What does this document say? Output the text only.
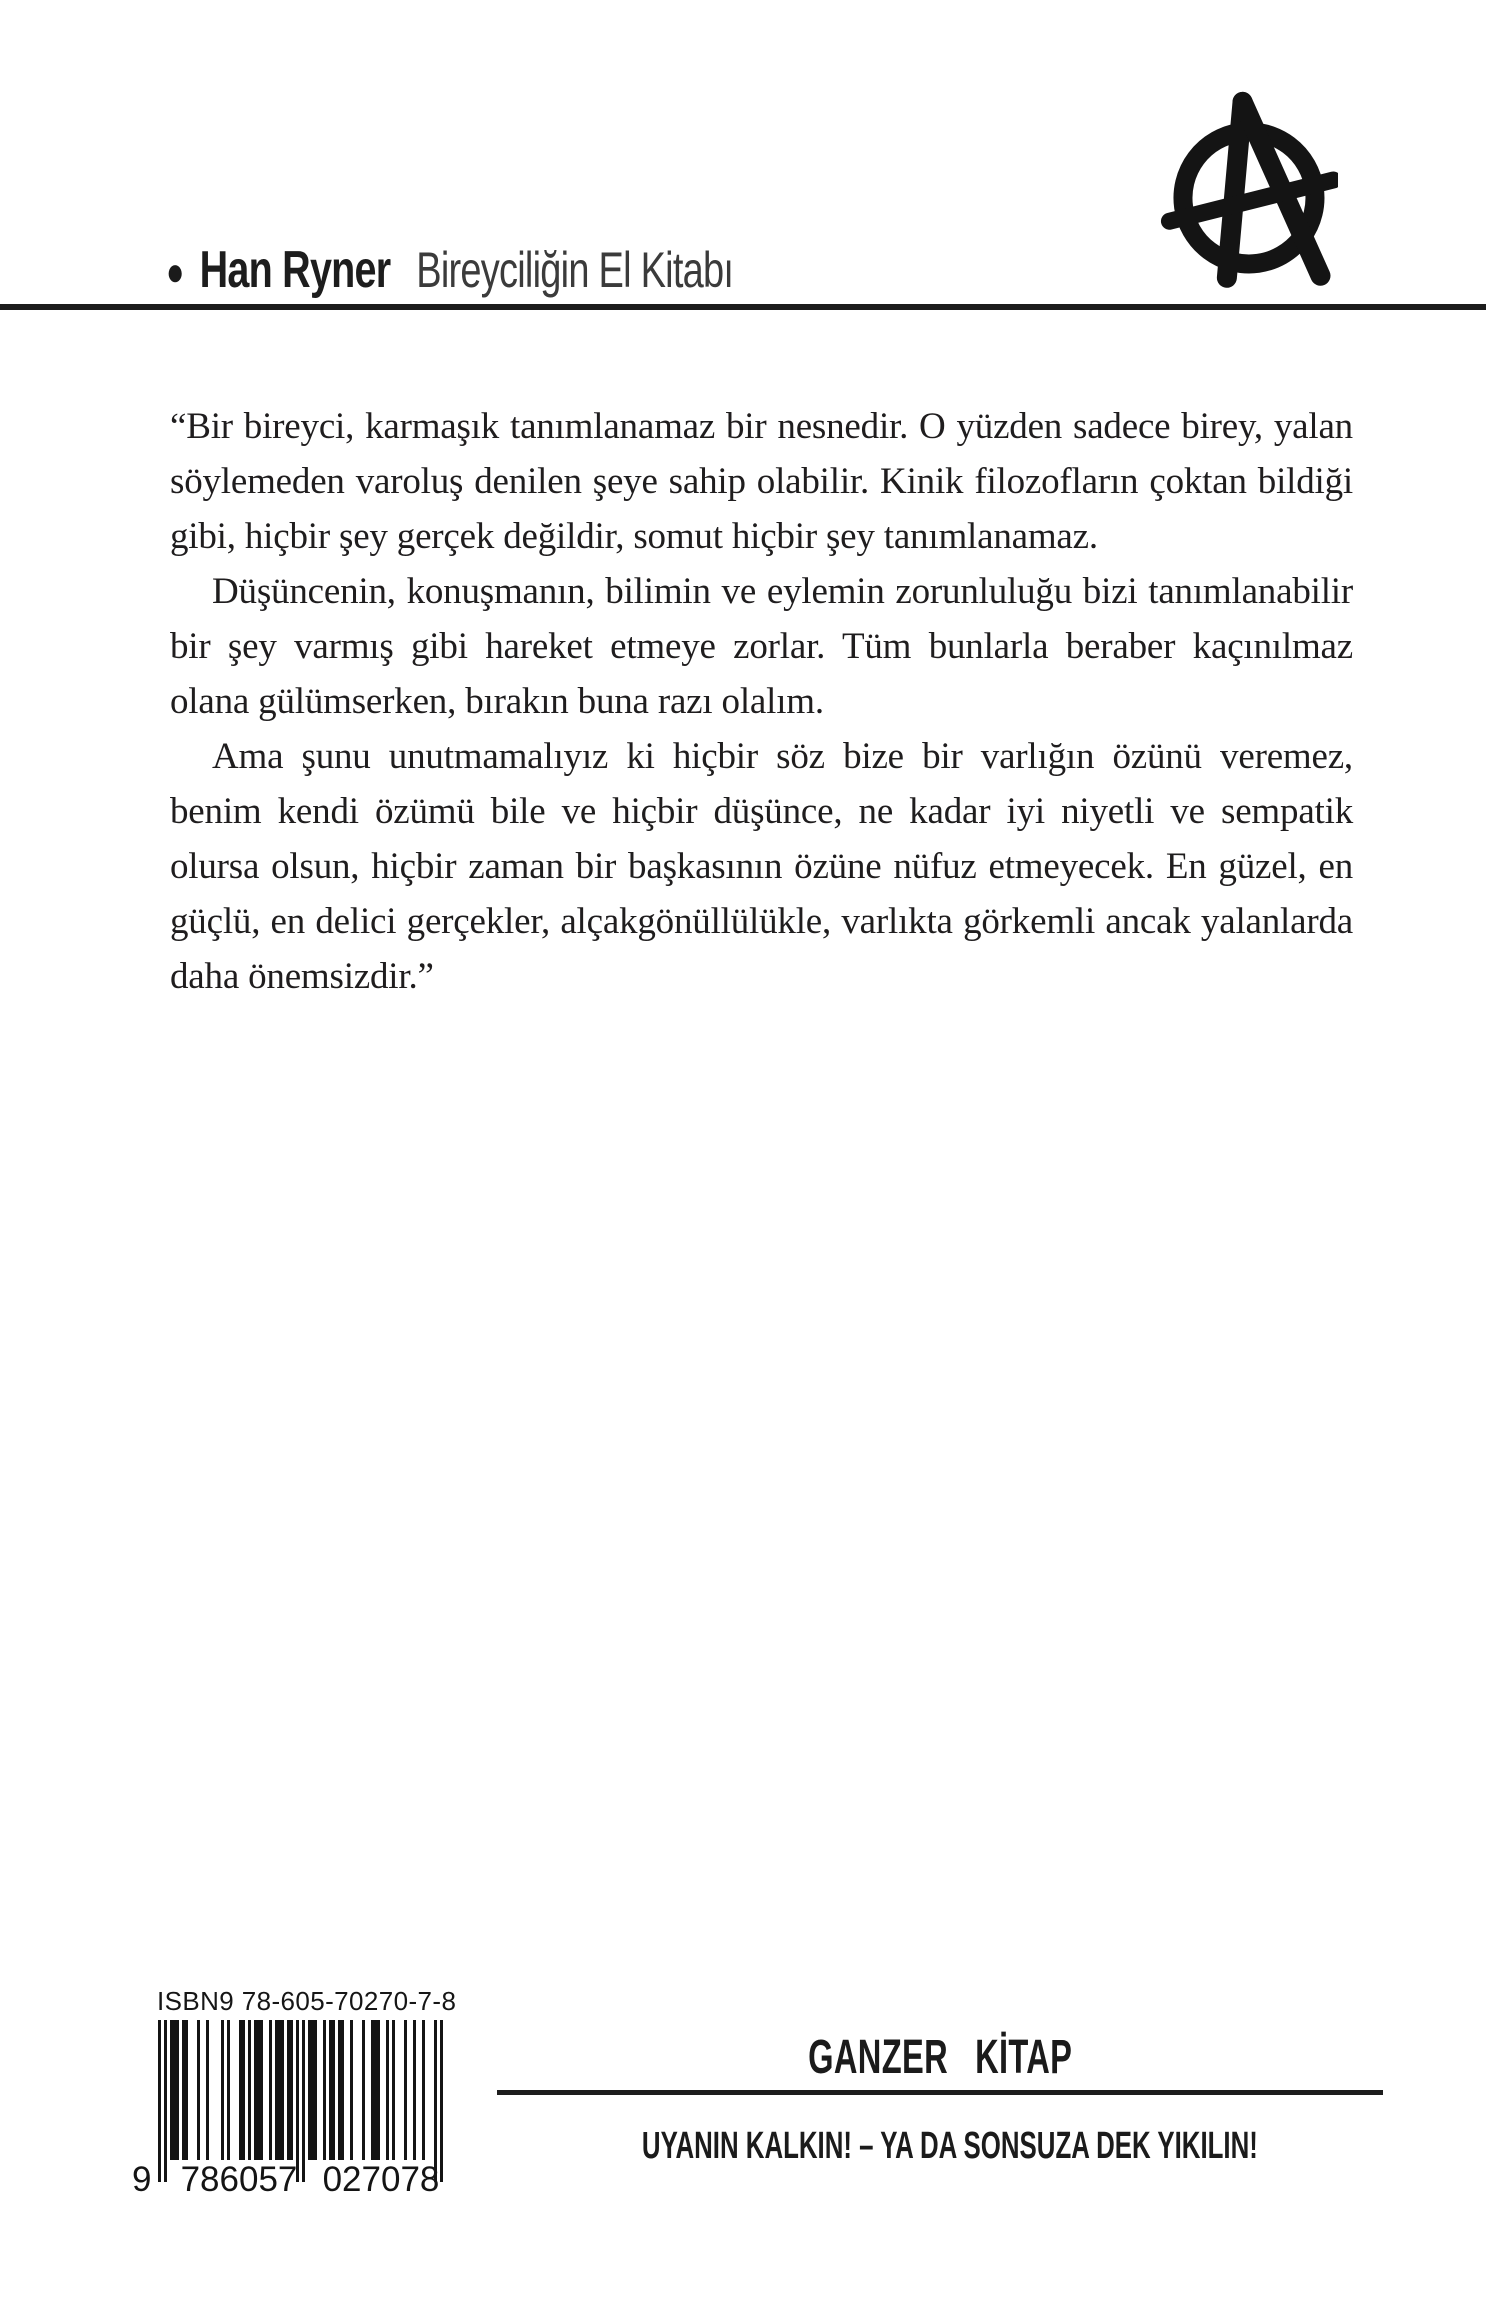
● Han Ryner Bireyciliğin El Kitabı

“Bir bireyci, karmaşık tanımlanamaz bir nesnedir. O yüzden sadece birey, yalan söylemeden varoluş denilen şeye sahip olabilir. Kinik filozofların çoktan bildiği gibi, hiçbir şey gerçek değildir, somut hiçbir şey tanımlanamaz.

Düşüncenin, konuşmanın, bilimin ve eylemin zorunluluğu bizi tanımlanabilir bir şey varmış gibi hareket etmeye zorlar. Tüm bunlarla beraber kaçınılmaz olana gülümserken, bırakın buna razı olalım.

Ama şunu unutmamalıyız ki hiçbir söz bize bir varlığın özünü veremez, benim kendi özümü bile ve hiçbir düşünce, ne kadar iyi niyetli ve sempatik olursa olsun, hiçbir zaman bir başkasının özüne nüfuz etmeyecek. En güzel, en güçlü, en delici gerçekler, alçakgönüllülükle, varlıkta görkemli ancak yalanlarda daha önemsizdir.”

ISBN9 78-605-70270-7-8
9 786057 027078
GANZER KİTAP

UYANIN KALKIN! – YA DA SONSUZA DEK YIKILIN!
